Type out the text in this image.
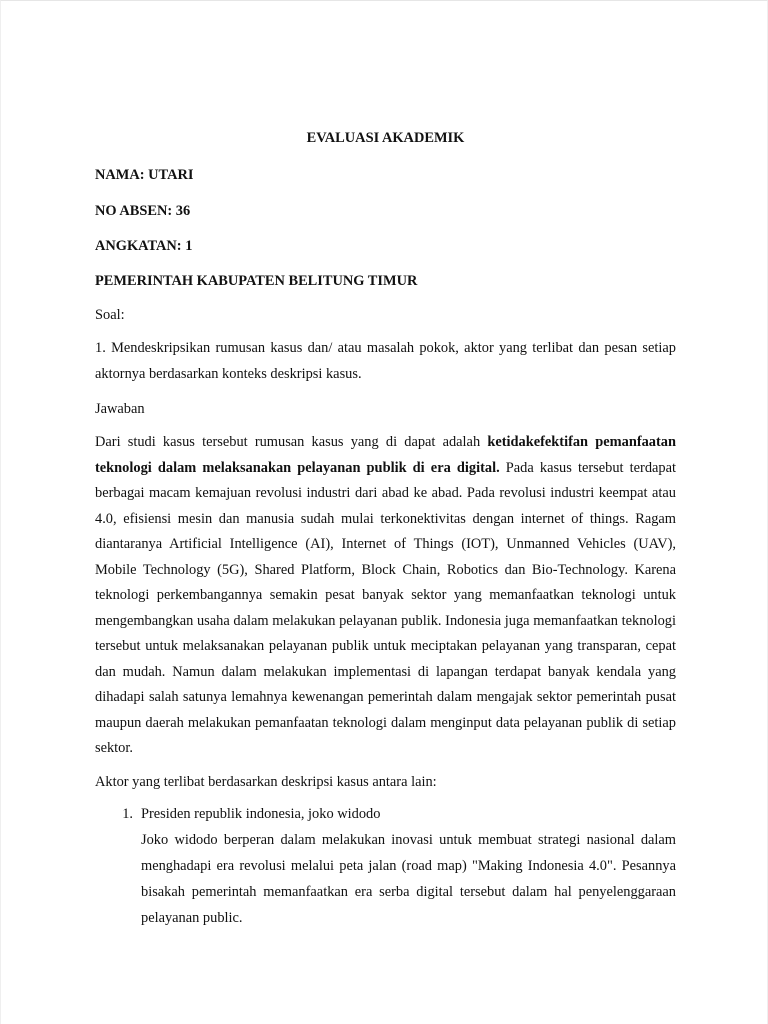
EVALUASI AKADEMIK

NAMA: UTARI

NO ABSEN: 36

ANGKATAN: 1

PEMERINTAH KABUPATEN BELITUNG TIMUR

Soal:

1. Mendeskripsikan rumusan kasus dan/ atau masalah pokok, aktor yang terlibat dan pesan setiap aktornya berdasarkan konteks deskripsi kasus.

Jawaban

Dari studi kasus tersebut rumusan kasus yang di dapat adalah ketidakefektifan pemanfaatan teknologi dalam melaksanakan pelayanan publik di era digital. Pada kasus tersebut terdapat berbagai macam kemajuan revolusi industri dari abad ke abad. Pada revolusi industri keempat atau 4.0, efisiensi mesin dan manusia sudah mulai terkonektivitas dengan internet of things. Ragam diantaranya Artificial Intelligence (AI), Internet of Things (IOT), Unmanned Vehicles (UAV), Mobile Technology (5G), Shared Platform, Block Chain, Robotics dan Bio-Technology. Karena teknologi perkembangannya semakin pesat banyak sektor yang memanfaatkan teknologi untuk mengembangkan usaha dalam melakukan pelayanan publik. Indonesia juga memanfaatkan teknologi tersebut untuk melaksanakan pelayanan publik untuk meciptakan pelayanan yang transparan, cepat dan mudah. Namun dalam melakukan implementasi di lapangan terdapat banyak kendala yang dihadapi salah satunya lemahnya kewenangan pemerintah dalam mengajak sektor pemerintah pusat maupun daerah melakukan pemanfaatan teknologi dalam menginput data pelayanan publik di setiap sektor.

Aktor yang terlibat berdasarkan deskripsi kasus antara lain:

1. Presiden republik indonesia, joko widodo

Joko widodo berperan dalam melakukan inovasi untuk membuat strategi nasional dalam menghadapi era revolusi melalui peta jalan (road map) "Making Indonesia 4.0". Pesannya bisakah pemerintah memanfaatkan era serba digital tersebut dalam hal penyelenggaraan pelayanan public.
